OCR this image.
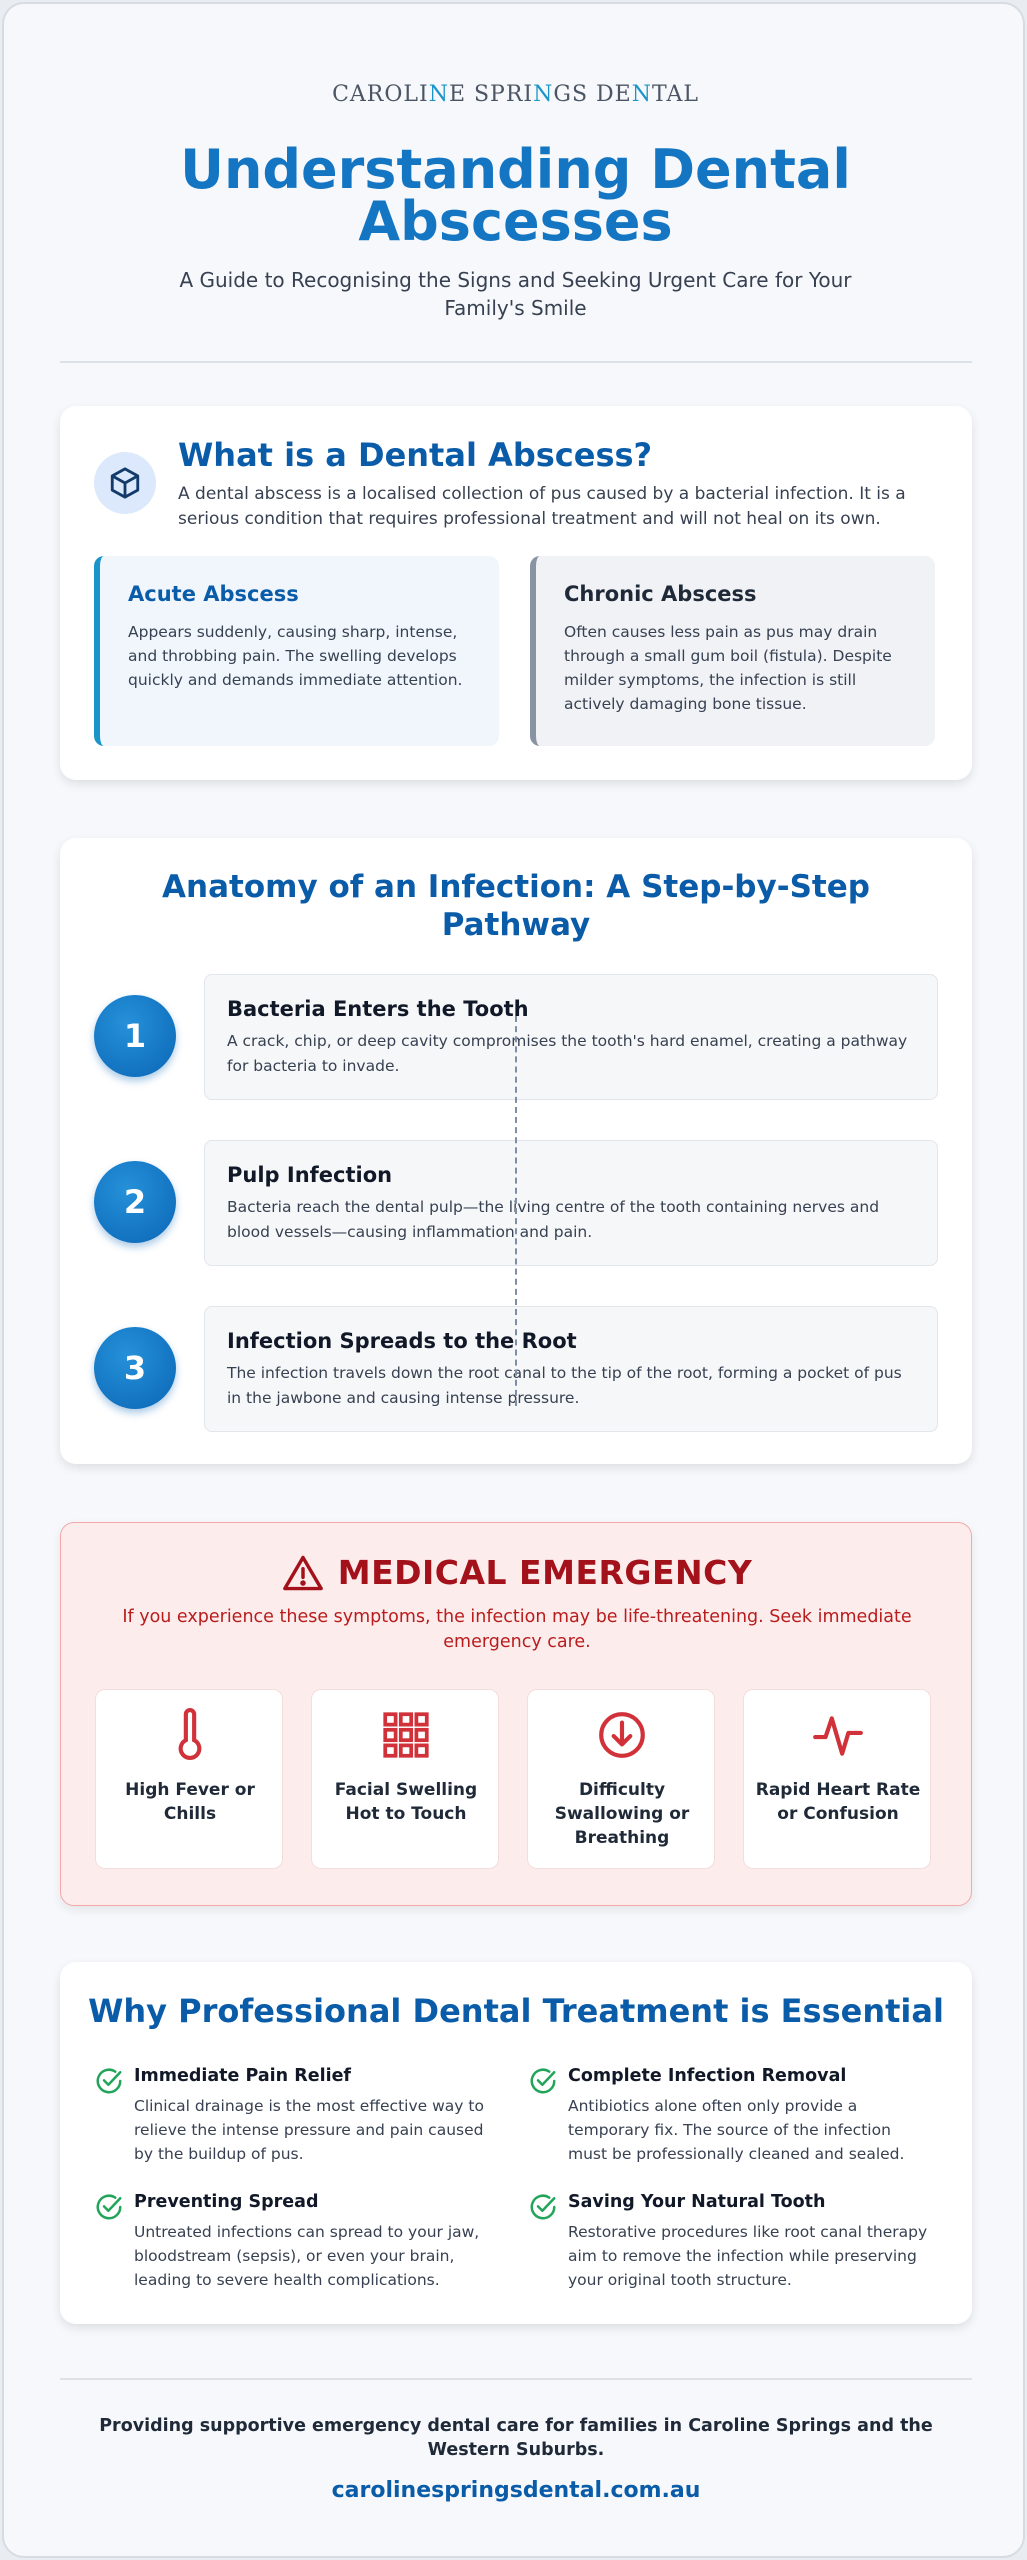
CAROLINE SPRINGS DENTAL
Understanding Dental
Abscesses
A Guide to Recognising the Signs and Seeking Urgent Care for Your Family's Smile
What is a Dental Abscess?
A dental abscess is a localised collection of pus caused by a bacterial infection. It is a serious condition that requires professional treatment and will not heal on its own.
Acute Abscess
Appears suddenly, causing sharp, intense, and throbbing pain. The swelling develops quickly and demands immediate attention.
Chronic Abscess
Often causes less pain as pus may drain through a small gum boil (fistula). Despite milder symptoms, the infection is still actively damaging bone tissue.
Anatomy of an Infection: A Step-by-Step Pathway
1
Bacteria Enters the Tooth
A crack, chip, or deep cavity compromises the tooth's hard enamel, creating a pathway for bacteria to invade.
2
Pulp Infection
Bacteria reach the dental pulp—the living centre of the tooth containing nerves and blood vessels—causing inflammation and pain.
3
Infection Spreads to the Root
The infection travels down the root canal to the tip of the root, forming a pocket of pus in the jawbone and causing intense pressure.
MEDICAL EMERGENCY
If you experience these symptoms, the infection may be life-threatening. Seek immediate emergency care.
High Fever or Chills
Facial Swelling Hot to Touch
Difficulty Swallowing or Breathing
Rapid Heart Rate or Confusion
Why Professional Dental Treatment is Essential
Immediate Pain Relief
Clinical drainage is the most effective way to relieve the intense pressure and pain caused by the buildup of pus.
Complete Infection Removal
Antibiotics alone often only provide a temporary fix. The source of the infection must be professionally cleaned and sealed.
Preventing Spread
Untreated infections can spread to your jaw, bloodstream (sepsis), or even your brain, leading to severe health complications.
Saving Your Natural Tooth
Restorative procedures like root canal therapy aim to remove the infection while preserving your original tooth structure.
Providing supportive emergency dental care for families in Caroline Springs and the Western Suburbs.
carolinespringsdental.com.au
